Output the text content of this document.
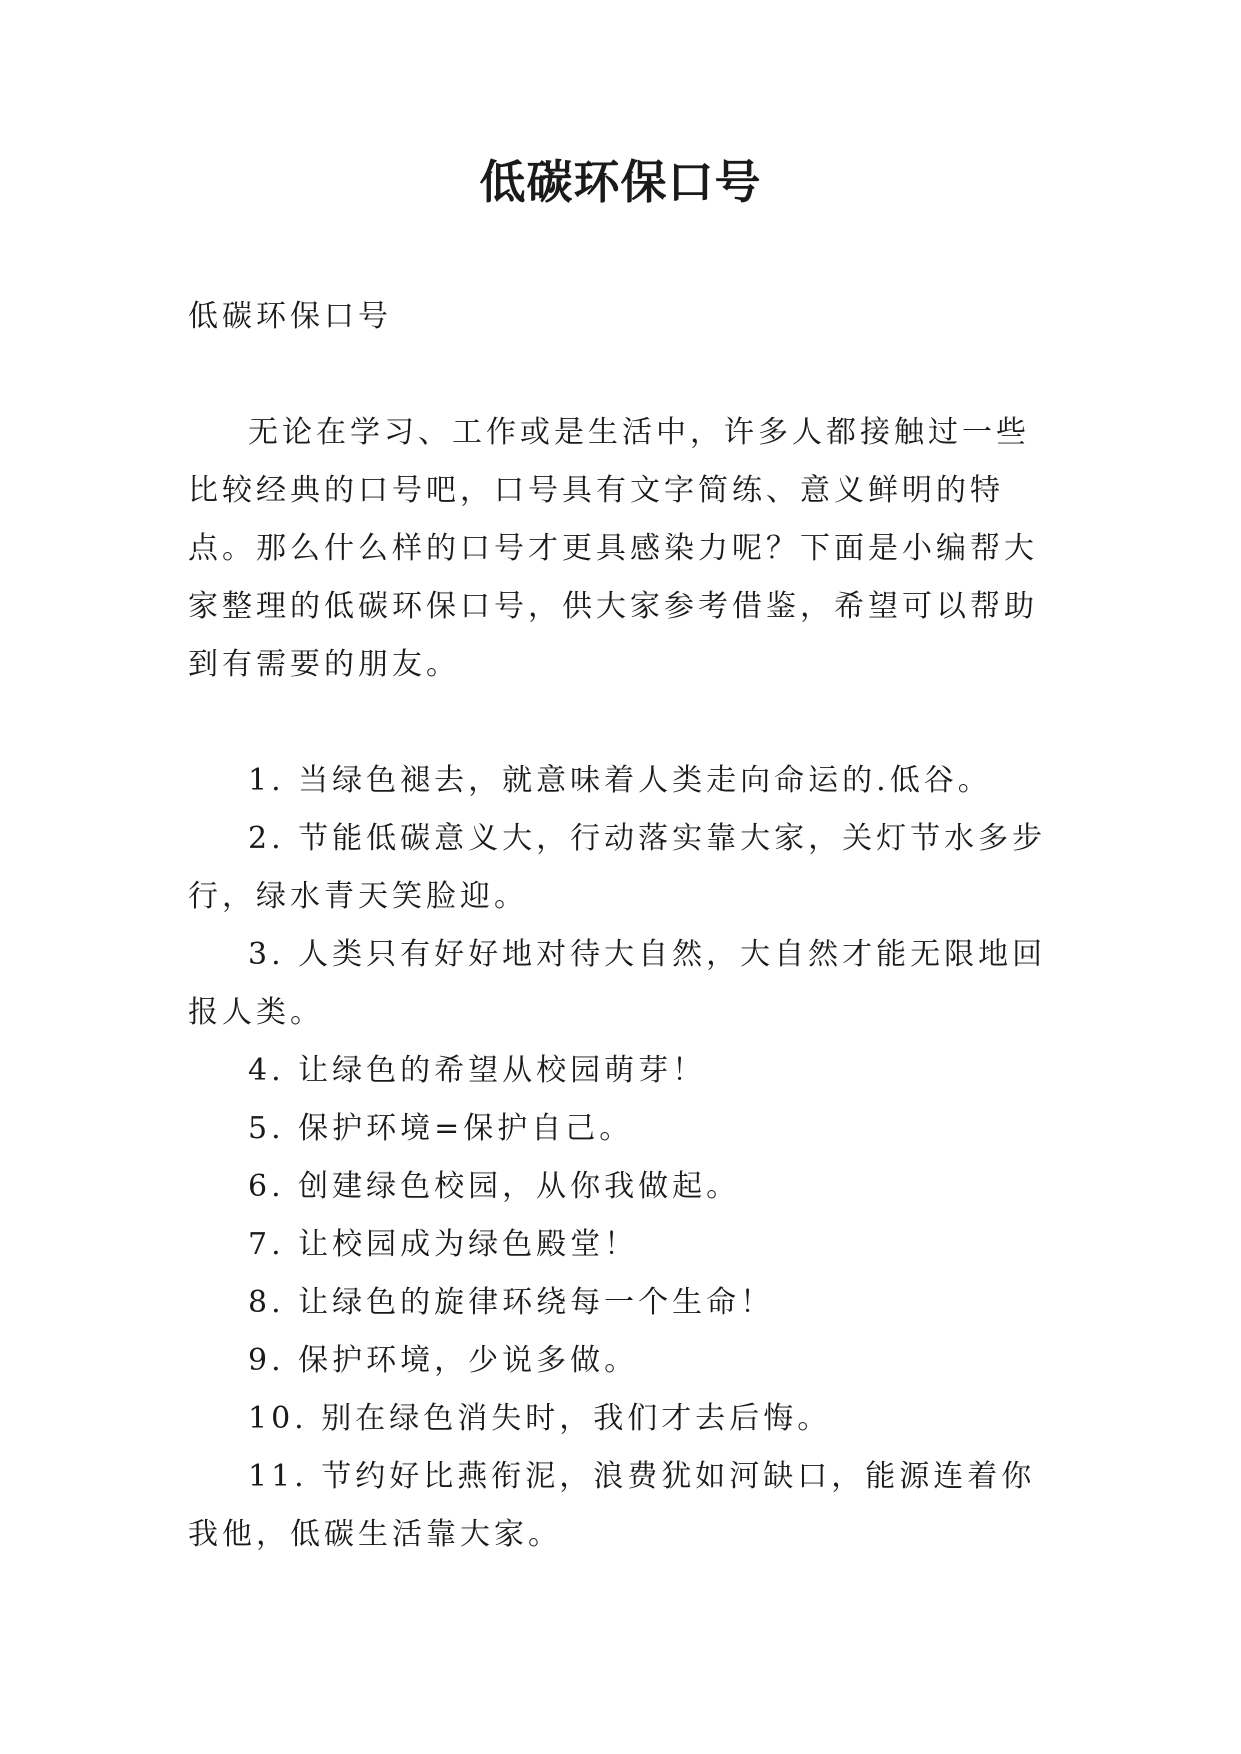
低碳环保口号

低碳环保口号

无论在学习、工作或是生活中，许多人都接触过一些比较经典的口号吧，口号具有文字简练、意义鲜明的特点。那么什么样的口号才更具感染力呢？下面是小编帮大家整理的低碳环保口号，供大家参考借鉴，希望可以帮助到有需要的朋友。

1. 当绿色褪去，就意味着人类走向命运的.低谷。

2. 节能低碳意义大，行动落实靠大家，关灯节水多步行，绿水青天笑脸迎。

3. 人类只有好好地对待大自然，大自然才能无限地回报人类。

4. 让绿色的希望从校园萌芽！

5. 保护环境=保护自己。

6. 创建绿色校园，从你我做起。

7. 让校园成为绿色殿堂！

8. 让绿色的旋律环绕每一个生命！

9. 保护环境，少说多做。

10. 别在绿色消失时，我们才去后悔。

11. 节约好比燕衔泥，浪费犹如河缺口，能源连着你我他，低碳生活靠大家。
